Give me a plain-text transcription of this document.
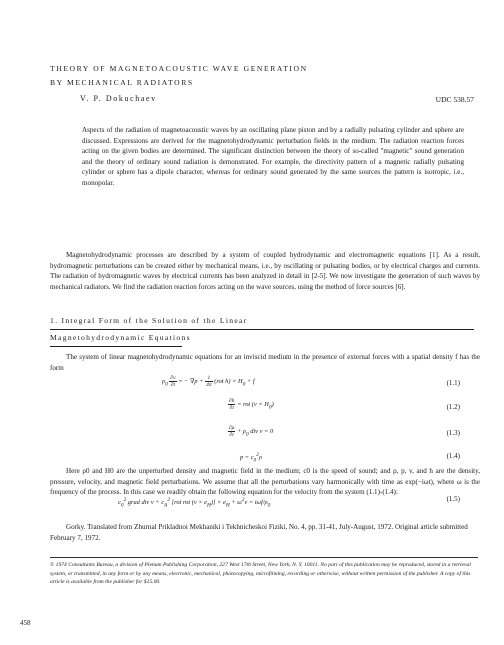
THEORY OF MAGNETOACOUSTIC WAVE GENERATION
BY MECHANICAL RADIATORS
V. P. Dokuchaev	UDC 538.57
Aspects of the radiation of magnetoacoustic waves by an oscillating plane piston and by a radially pulsating cylinder and sphere are discussed. Expressions are derived for the magnetohydrodynamic perturbation fields in the medium. The radiation reaction forces acting on the given bodies are determined. The significant distinction between the theory of so-called "magnetic" sound generation and the theory of ordinary sound radiation is demonstrated. For example, the directivity pattern of a magnetic radially pulsating cylinder or sphere has a dipole character, whereas for ordinary sound generated by the same sources the pattern is isotropic, i.e., monopolar.
Magnetohydrodynamic processes are described by a system of coupled hydrodynamic and electromagnetic equations [1]. As a result, hydromagnetic perturbations can be created either by mechanical means, i.e., by oscillating or pulsating bodies, or by electrical charges and currents. The radiation of hydromagnetic waves by electrical currents has been analyzed in detail in [2-5]. We now investigate the generation of such waves by mechanical radiators. We find the radiation reaction forces acting on the wave sources, using the method of force sources [6].
1. Integral Form of the Solution of the Linear
Magnetohydrodynamic Equations
The system of linear magnetohydrodynamic equations for an inviscid medium in the presence of external forces with a spatial density f has the form
$\rho_0 \frac{\partial v}{\partial t}$ = − $\nabla p + \frac{1}{4\pi} (rot$ $h) \times H_0 + f$	(1.1)
$\frac{\partial h}{\partial t}$ = rot $(v \times H_0)$	(1.2)
$\frac{\partial\rho}{\partial t} + \rho_0$ div v = 0	(1.3)
$p = c_0^2\rho$	(1.4)
Here ρ0 and H0 are the unperturbed density and magnetic field in the medium; c0 is the speed of sound; and ρ, p, v, and h are the density, pressure, velocity, and magnetic field perturbations. We assume that all the perturbations vary harmonically with time as exp(−iωt), where ω is the frequency of the process. In this case we readily obtain the following equation for the velocity from the system (1.1)-(1.4):
$c_0^2$ grad div $v + c_A^2$ [rot rot $(v \times e_H)] \times e_H + \omega^2v = i\omega f/\rho_0$
(1.5)
Gorky. Translated from Zhurnal Prikladnoi Mekhaniki i Tekhnicheskoi Fiziki, No. 4, pp. 31-41, July-August, 1972. Original article submitted February 7, 1972.
© 1974 Consultants Bureau, a division of Plenum Publishing Corporation, 227 West 17th Street, New York, N. Y. 10011. No part of this publication may be reproduced, stored in a retrieval system, or transmitted, in any form or by any means, electronic, mechanical, photocopying, microfilming, recording or otherwise, without written permission of the publisher. A copy of this article is available from the publisher for $15.00.
458
